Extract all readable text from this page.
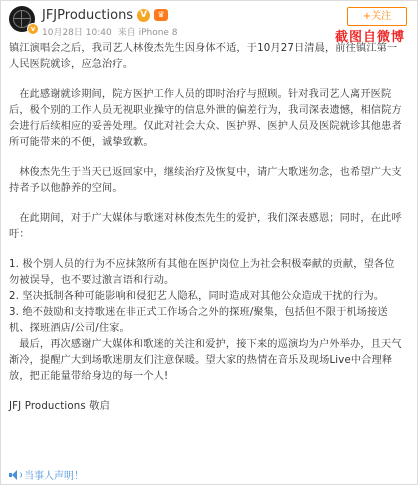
v
JFJProductions V	♛
10月28日 10:40 来自 iPhone 8
+关注
截图自微博

镇江演唱会之后，我司艺人林俊杰先生因身体不适，于10月27日清晨，前往镇江第一人民医院就诊，应急治疗。

在此感谢就诊期间，院方医护工作人员的即时治疗与照顾。针对我司艺人离开医院后，极个别的工作人员无视职业操守的信息外泄的偏差行为，我司深表遗憾，相信院方会进行后续相应的妥善处理。仅此对社会大众、医护界、医护人员及医院就诊其他患者所可能带来的不便，诚挚致歉。

林俊杰先生于当天已返回家中，继续治疗及恢复中，请广大歌迷勿念，也希望广大支持者予以他静养的空间。

在此期间，对于广大媒体与歌迷对林俊杰先生的爱护，我们深表感恩；同时，在此呼吁：

1. 极个别人员的行为不应抹煞所有其他在医护岗位上为社会积极奉献的贡献，望各位勿被误导，也不要过激言语和行动。

2. 坚决抵制各种可能影响和侵犯艺人隐私，同时造成对其他公众造成干扰的行为。

3. 绝不鼓励和支持歌迷在非正式工作场合之外的探班/聚集，包括但不限于机场接送机、探班酒店/公司/住家。

最后，再次感谢广大媒体和歌迷的关注和爱护，接下来的巡演均为户外举办，且天气渐冷，提醒广大到场歌迷朋友们注意保暖。望大家的热情在音乐及现场Live中合理释放，把正能量带给身边的每一个人!

JFJ Productions 敬启

当事人声明！
